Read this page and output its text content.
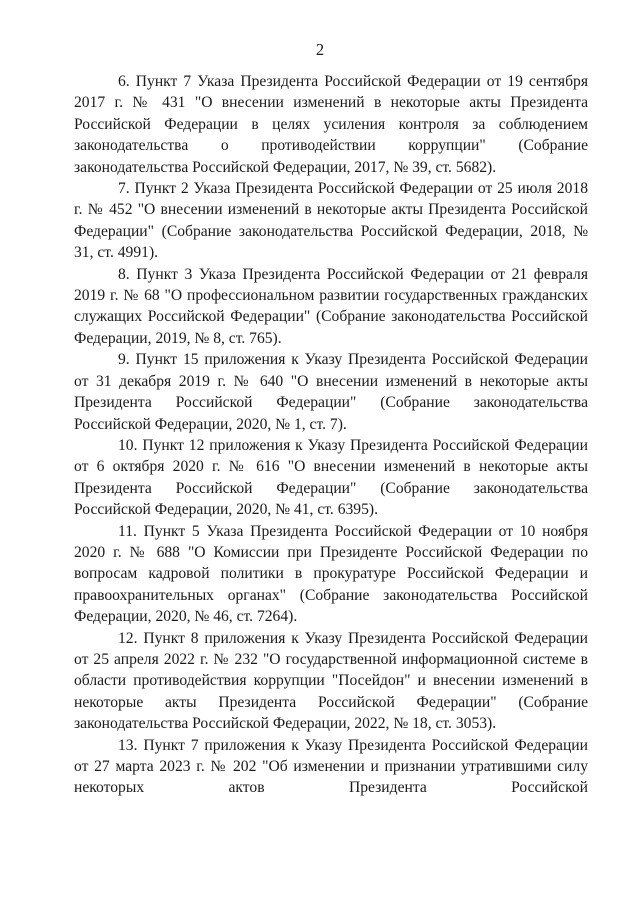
2

6. Пункт 7 Указа Президента Российской Федерации от 19 сентября 2017 г. № 431 "О внесении изменений в некоторые акты Президента Российской Федерации в целях усиления контроля за соблюдением законодательства о противодействии коррупции" (Собрание законодательства Российской Федерации, 2017, № 39, ст. 5682).

7. Пункт 2 Указа Президента Российской Федерации от 25 июля 2018 г. № 452 "О внесении изменений в некоторые акты Президента Российской Федерации" (Собрание законодательства Российской Федерации, 2018, № 31, ст. 4991).

8. Пункт 3 Указа Президента Российской Федерации от 21 февраля 2019 г. № 68 "О профессиональном развитии государственных гражданских служащих Российской Федерации" (Собрание законодательства Российской Федерации, 2019, № 8, ст. 765).

9. Пункт 15 приложения к Указу Президента Российской Федерации от 31 декабря 2019 г. № 640 "О внесении изменений в некоторые акты Президента Российской Федерации" (Собрание законодательства Российской Федерации, 2020, № 1, ст. 7).

10. Пункт 12 приложения к Указу Президента Российской Федерации от 6 октября 2020 г. № 616 "О внесении изменений в некоторые акты Президента Российской Федерации" (Собрание законодательства Российской Федерации, 2020, № 41, ст. 6395).

11. Пункт 5 Указа Президента Российской Федерации от 10 ноября 2020 г. № 688 "О Комиссии при Президенте Российской Федерации по вопросам кадровой политики в прокуратуре Российской Федерации и правоохранительных органах" (Собрание законодательства Российской Федерации, 2020, № 46, ст. 7264).

12. Пункт 8 приложения к Указу Президента Российской Федерации от 25 апреля 2022 г. № 232 "О государственной информационной системе в области противодействия коррупции "Посейдон" и внесении изменений в некоторые акты Президента Российской Федерации" (Собрание законодательства Российской Федерации, 2022, № 18, ст. 3053).

13. Пункт 7 приложения к Указу Президента Российской Федерации от 27 марта 2023 г. № 202 "Об изменении и признании утратившими силу некоторых актов Президента Российской
